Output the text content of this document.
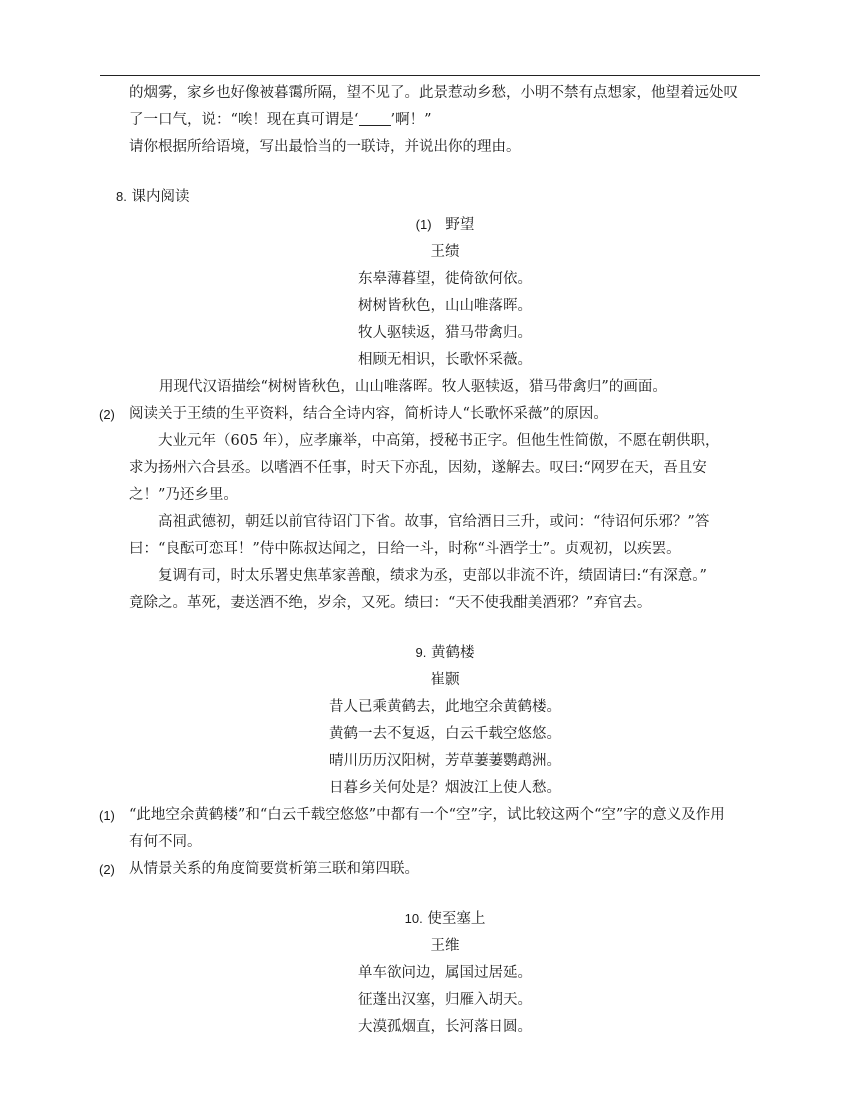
的烟雾，家乡也好像被暮霭所隔，望不见了。此景惹动乡愁，小明不禁有点想家，他望着远处叹
了一口气，说：“唉！现在真可谓是‘ ’啊！”
请你根据所给语境，写出最恰当的一联诗，并说出你的理由。
8. 课内阅读
(1) 野望
王绩
东皋薄暮望，徙倚欲何依。
树树皆秋色，山山唯落晖。
牧人驱犊返，猎马带禽归。
相顾无相识，长歌怀采薇。
用现代汉语描绘“树树皆秋色，山山唯落晖。牧人驱犊返，猎马带禽归”的画面。
(2) 阅读关于王绩的生平资料，结合全诗内容，简析诗人“长歌怀采薇”的原因。
大业元年（605 年），应孝廉举，中高第，授秘书正字。但他生性简傲，不愿在朝供职，
求为扬州六合县丞。以嗜酒不任事，时天下亦乱，因劾，遂解去。叹曰:“网罗在天，吾且安
之！”乃还乡里。
高祖武德初，朝廷以前官待诏门下省。故事，官给酒日三升，或问：“待诏何乐邪？”答
曰：“良酝可恋耳！”侍中陈叔达闻之，日给一斗，时称“斗酒学士”。贞观初，以疾罢。
复调有司，时太乐署史焦革家善酿，绩求为丞，吏部以非流不许，绩固请曰:“有深意。”
竟除之。革死，妻送酒不绝，岁余，又死。绩曰：“天不使我酣美酒邪？”弃官去。
9. 黄鹤楼
崔颢
昔人已乘黄鹤去，此地空余黄鹤楼。
黄鹤一去不复返，白云千载空悠悠。
晴川历历汉阳树，芳草萋萋鹦鹉洲。
日暮乡关何处是？烟波江上使人愁。
(1) “此地空余黄鹤楼”和“白云千载空悠悠”中都有一个“空”字，试比较这两个“空”字的意义及作用
有何不同。
(2) 从情景关系的角度简要赏析第三联和第四联。
10. 使至塞上
王维
单车欲问边，属国过居延。
征蓬出汉塞，归雁入胡天。
大漠孤烟直，长河落日圆。
